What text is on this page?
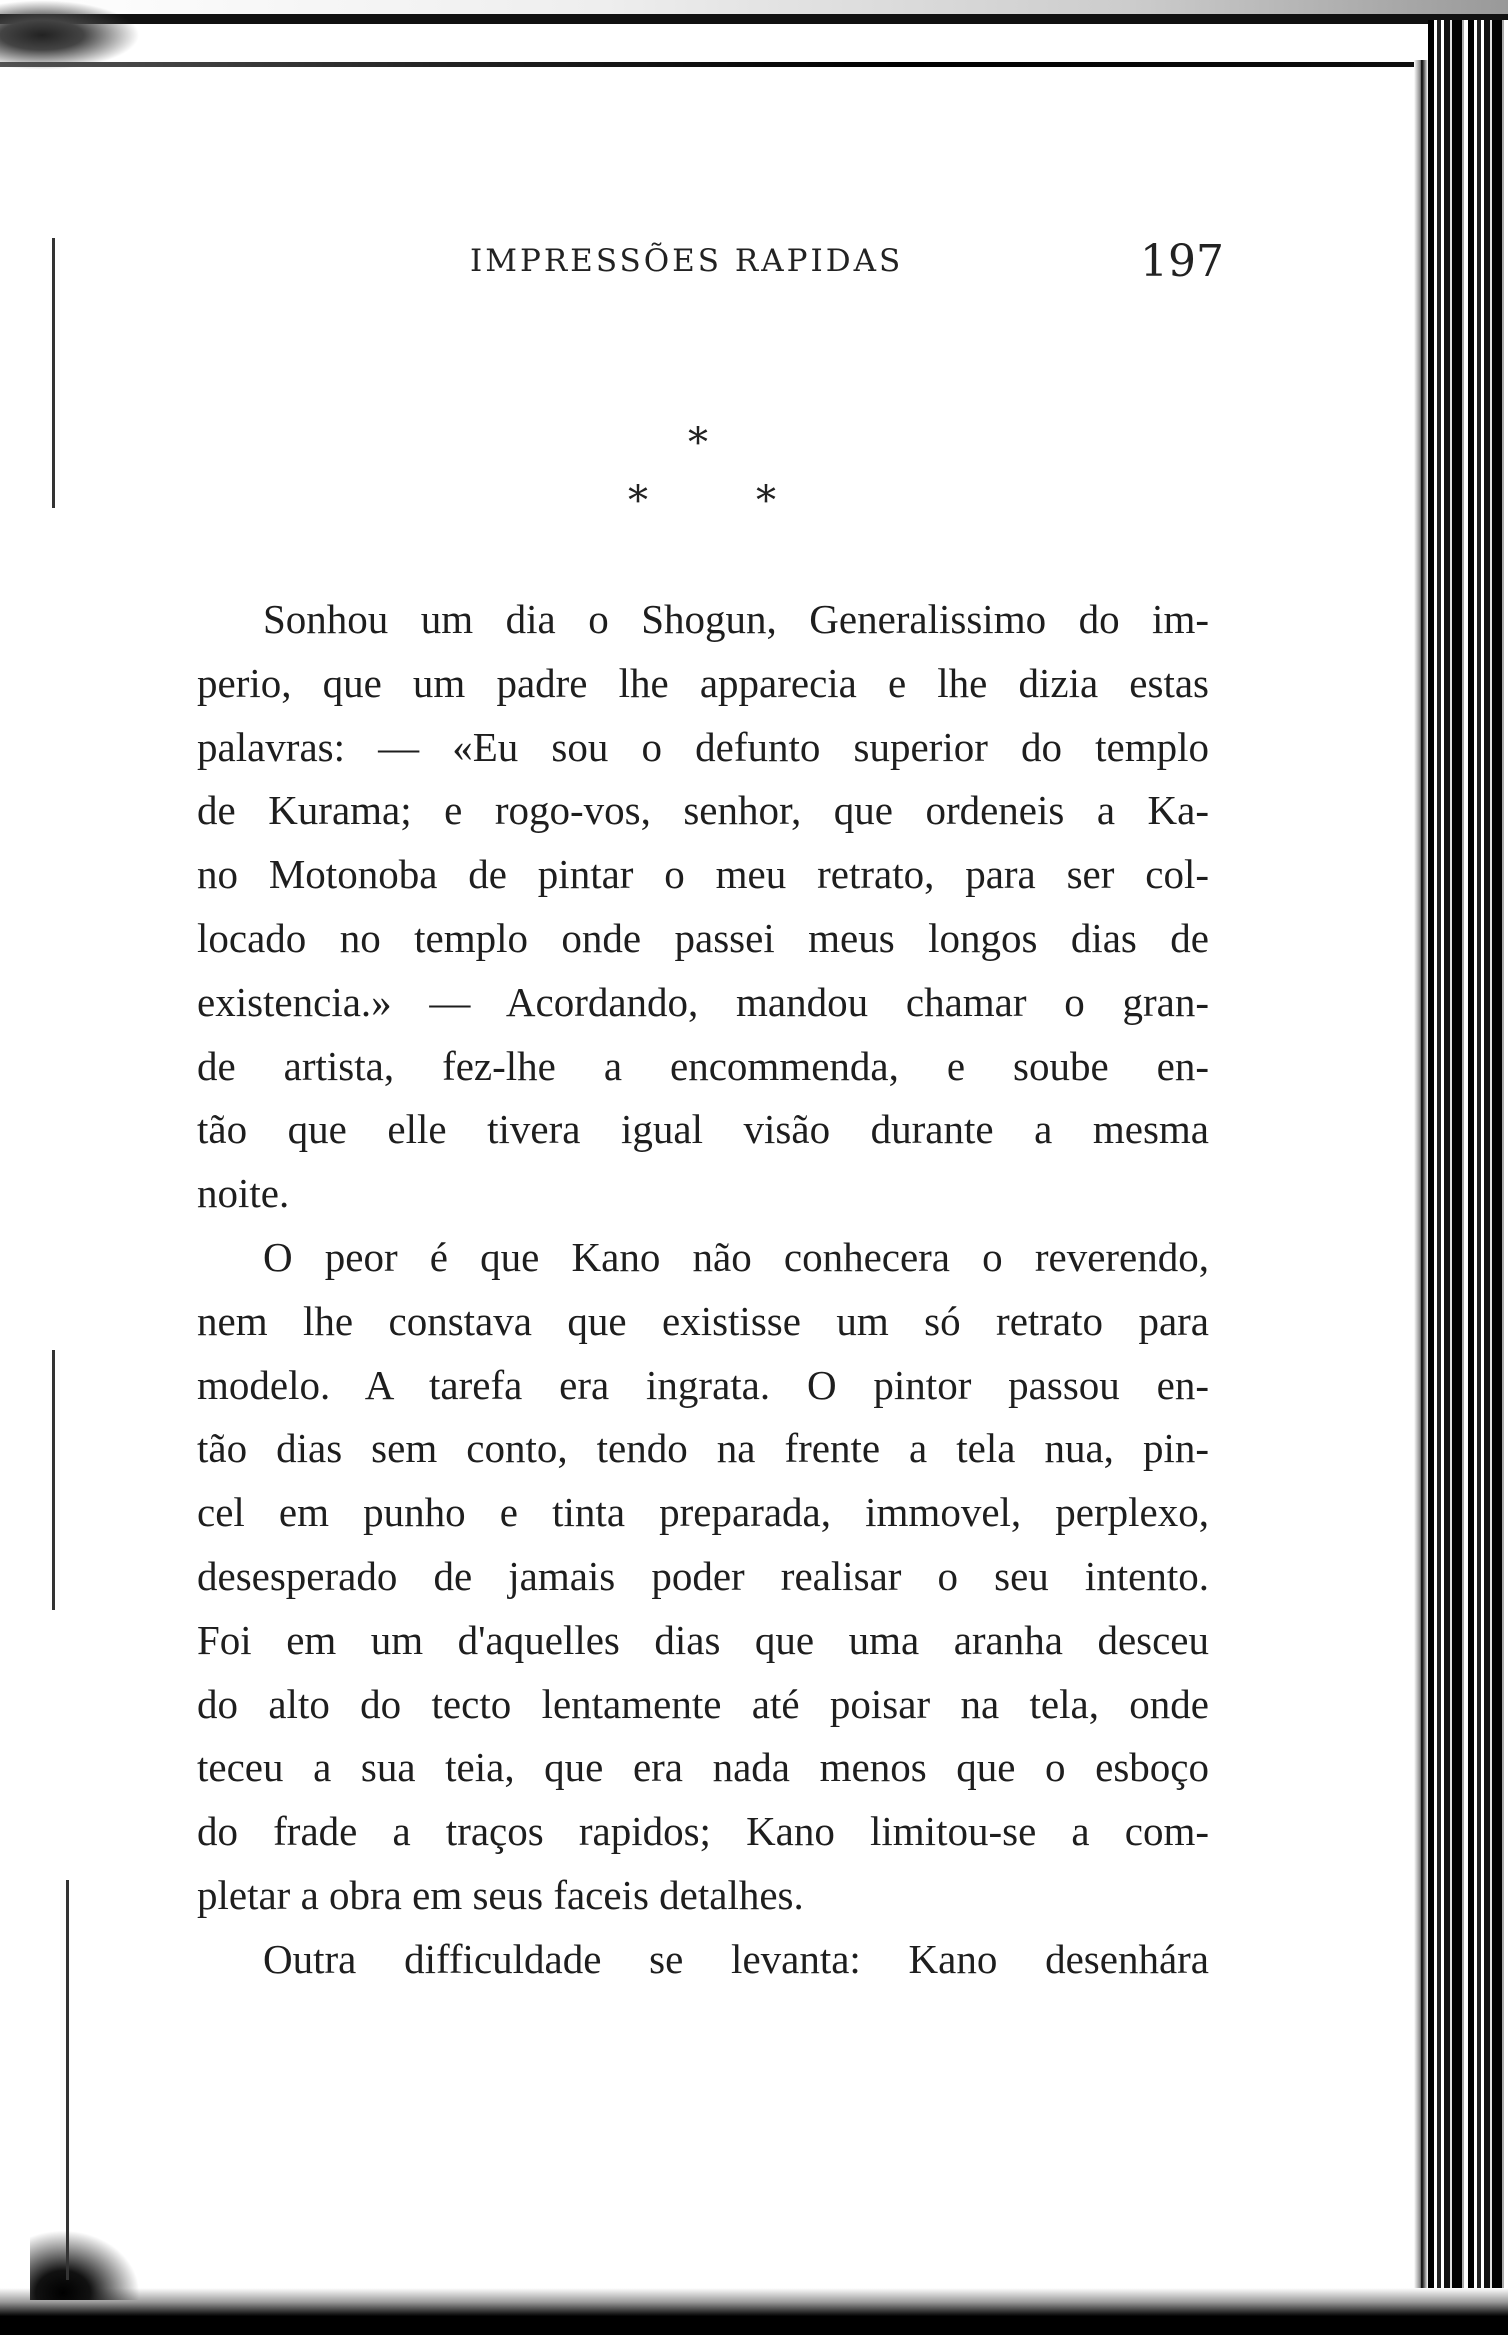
IMPRESSÕES RAPIDAS	197
*
*	*
Sonhou um dia o Shogun, Generalissimo do im-
perio, que um padre lhe apparecia e lhe dizia estas
palavras: — «Eu sou o defunto superior do templo
de Kurama; e rogo-vos, senhor, que ordeneis a Ka-
no Motonoba de pintar o meu retrato, para ser col-
locado no templo onde passei meus longos dias de
existencia.» — Acordando, mandou chamar o gran-
de artista, fez-lhe a encommenda, e soube en-
tão que elle tivera igual visão durante a mesma
noite.
O peor é que Kano não conhecera o reverendo,
nem lhe constava que existisse um só retrato para
modelo. A tarefa era ingrata. O pintor passou en-
tão dias sem conto, tendo na frente a tela nua, pin-
cel em punho e tinta preparada, immovel, perplexo,
desesperado de jamais poder realisar o seu intento.
Foi em um d'aquelles dias que uma aranha desceu
do alto do tecto lentamente até poisar na tela, onde
teceu a sua teia, que era nada menos que o esboço
do frade a traços rapidos; Kano limitou-se a com-
pletar a obra em seus faceis detalhes.
Outra difficuldade se levanta: Kano desenhára
